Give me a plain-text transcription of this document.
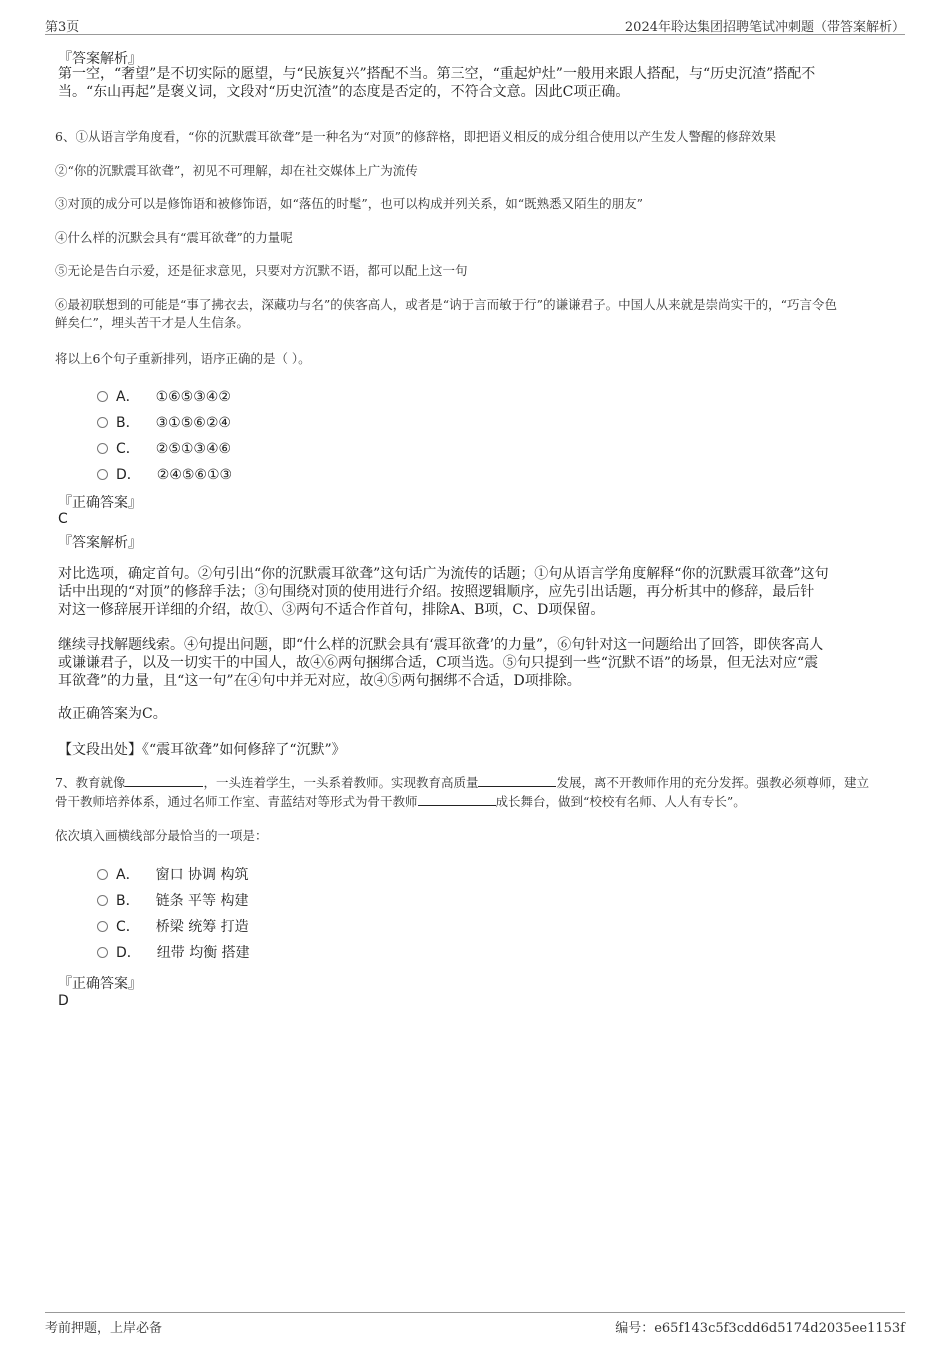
第3页	2024年聆达集团招聘笔试冲刺题（带答案解析）
『答案解析』
第一空，“奢望”是不切实际的愿望，与“民族复兴”搭配不当。第三空，“重起炉灶”一般用来跟人搭配，与“历史沉渣”搭配不
当。“东山再起”是褒义词，文段对“历史沉渣”的态度是否定的，不符合文意。因此C项正确。
6、①从语言学角度看，“你的沉默震耳欲聋”是一种名为“对顶”的修辞格，即把语义相反的成分组合使用以产生发人警醒的修辞效果
②“你的沉默震耳欲聋”，初见不可理解，却在社交媒体上广为流传
③对顶的成分可以是修饰语和被修饰语，如“落伍的时髦”，也可以构成并列关系，如“既熟悉又陌生的朋友”
④什么样的沉默会具有“震耳欲聋”的力量呢
⑤无论是告白示爱，还是征求意见，只要对方沉默不语，都可以配上这一句
⑥最初联想到的可能是“事了拂衣去，深藏功与名”的侠客高人，或者是“讷于言而敏于行”的谦谦君子。中国人从来就是崇尚实干的，“巧言令色
鲜矣仁”，埋头苦干才是人生信条。
将以上6个句子重新排列，语序正确的是（ ）。
A． ①⑥⑤③④②
B． ③①⑤⑥②④
C． ②⑤①③④⑥
D． ②④⑤⑥①③
『正确答案』
C
『答案解析』
对比选项，确定首句。②句引出“你的沉默震耳欲聋”这句话广为流传的话题；①句从语言学角度解释“你的沉默震耳欲聋”这句
话中出现的“对顶”的修辞手法；③句围绕对顶的使用进行介绍。按照逻辑顺序，应先引出话题，再分析其中的修辞，最后针
对这一修辞展开详细的介绍，故①、③两句不适合作首句，排除A、B项，C、D项保留。
继续寻找解题线索。④句提出问题，即“什么样的沉默会具有‘震耳欲聋’的力量”，⑥句针对这一问题给出了回答，即侠客高人
或谦谦君子，以及一切实干的中国人，故④⑥两句捆绑合适，C项当选。⑤句只提到一些“沉默不语”的场景，但无法对应“震
耳欲聋”的力量，且“这一句”在④句中并无对应，故④⑤两句捆绑不合适，D项排除。
故正确答案为C。
【文段出处】《“震耳欲聋”如何修辞了“沉默”》
7、教育就像	，一头连着学生，一头系着教师。实现教育高质量	发展，离不开教师作用的充分发挥。强教必须尊师，建立
骨干教师培养体系，通过名师工作室、青蓝结对等形式为骨干教师	成长舞台，做到“校校有名师、人人有专长”。
依次填入画横线部分最恰当的一项是：
A． 窗口 协调 构筑
B． 链条 平等 构建
C． 桥梁 统筹 打造
D． 纽带 均衡 搭建
『正确答案』
D
考前押题，上岸必备	编号：e65f143c5f3cdd6d5174d2035ee1153f
